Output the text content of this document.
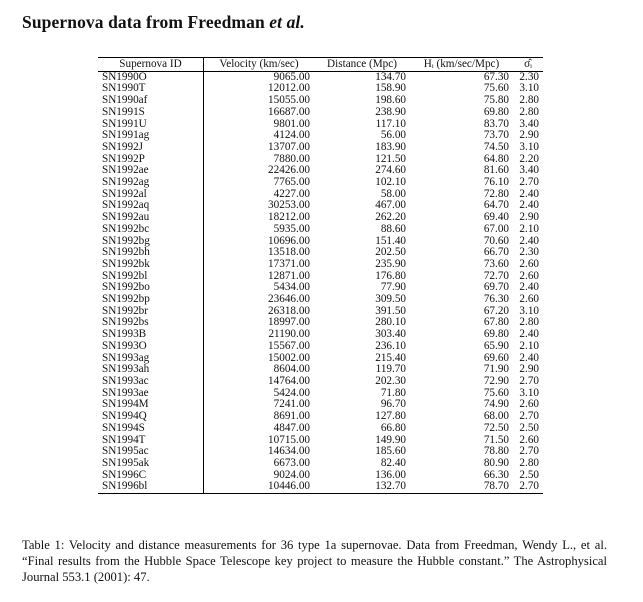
Supernova data from Freedman et al.
Supernova ID	Velocity (km/sec)	Distance (Mpc)	Hᵢ (km/sec/Mpc)	σ̂ᵢ
SN1990O	9065.00	134.70	67.30	2.30
SN1990T	12012.00	158.90	75.60	3.10
SN1990af	15055.00	198.60	75.80	2.80
SN1991S	16687.00	238.90	69.80	2.80
SN1991U	9801.00	117.10	83.70	3.40
SN1991ag	4124.00	56.00	73.70	2.90
SN1992J	13707.00	183.90	74.50	3.10
SN1992P	7880.00	121.50	64.80	2.20
SN1992ae	22426.00	274.60	81.60	3.40
SN1992ag	7765.00	102.10	76.10	2.70
SN1992al	4227.00	58.00	72.80	2.40
SN1992aq	30253.00	467.00	64.70	2.40
SN1992au	18212.00	262.20	69.40	2.90
SN1992bc	5935.00	88.60	67.00	2.10
SN1992bg	10696.00	151.40	70.60	2.40
SN1992bh	13518.00	202.50	66.70	2.30
SN1992bk	17371.00	235.90	73.60	2.60
SN1992bl	12871.00	176.80	72.70	2.60
SN1992bo	5434.00	77.90	69.70	2.40
SN1992bp	23646.00	309.50	76.30	2.60
SN1992br	26318.00	391.50	67.20	3.10
SN1992bs	18997.00	280.10	67.80	2.80
SN1993B	21190.00	303.40	69.80	2.40
SN1993O	15567.00	236.10	65.90	2.10
SN1993ag	15002.00	215.40	69.60	2.40
SN1993ah	8604.00	119.70	71.90	2.90
SN1993ac	14764.00	202.30	72.90	2.70
SN1993ae	5424.00	71.80	75.60	3.10
SN1994M	7241.00	96.70	74.90	2.60
SN1994Q	8691.00	127.80	68.00	2.70
SN1994S	4847.00	66.80	72.50	2.50
SN1994T	10715.00	149.90	71.50	2.60
SN1995ac	14634.00	185.60	78.80	2.70
SN1995ak	6673.00	82.40	80.90	2.80
SN1996C	9024.00	136.00	66.30	2.50
SN1996bl	10446.00	132.70	78.70	2.70
Table 1: Velocity and distance measurements for 36 type 1a supernovae. Data from Freedman, Wendy L., et al. “Final results from the Hubble Space Telescope key project to measure the Hubble constant.” The Astrophysical Journal 553.1 (2001): 47.
